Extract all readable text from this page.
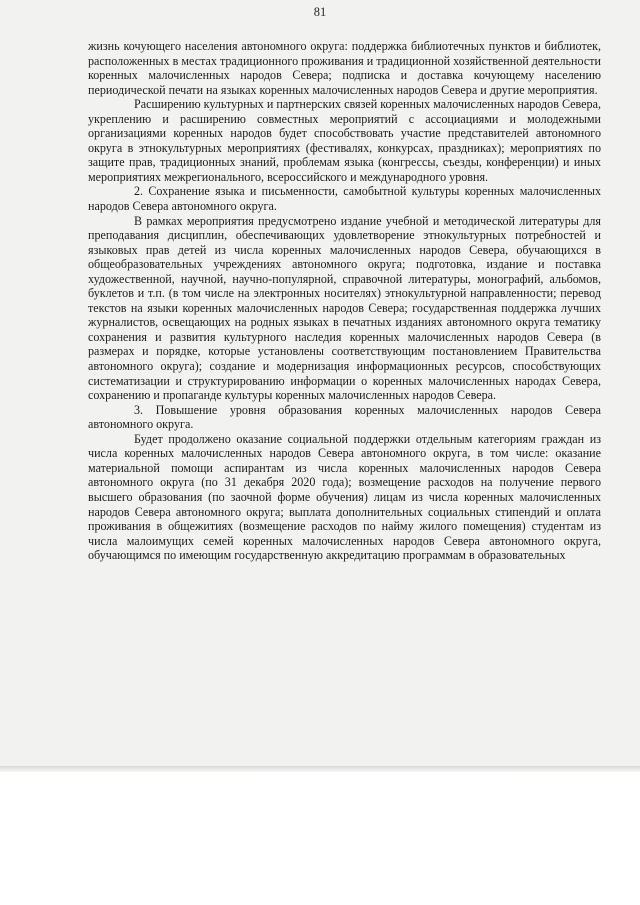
81

жизнь кочующего населения автономного округа: поддержка библиотечных пунктов и библиотек, расположенных в местах традиционного проживания и традиционной хозяйственной деятельности коренных малочисленных народов Севера; подписка и доставка кочующему населению периодической печати на языках коренных малочисленных народов Севера и другие мероприятия.

Расширению культурных и партнерских связей коренных малочисленных народов Севера, укреплению и расширению совместных мероприятий с ассоциациями и молодежными организациями коренных народов будет способствовать участие представителей автономного округа в этнокультурных мероприятиях (фестивалях, конкурсах, праздниках); мероприятиях по защите прав, традиционных знаний, проблемам языка (конгрессы, съезды, конференции) и иных мероприятиях межрегионального, всероссийского и международного уровня.

2. Сохранение языка и письменности, самобытной культуры коренных малочисленных народов Севера автономного округа.

В рамках мероприятия предусмотрено издание учебной и методической литературы для преподавания дисциплин, обеспечивающих удовлетворение этнокультурных потребностей и языковых прав детей из числа коренных малочисленных народов Севера, обучающихся в общеобразовательных учреждениях автономного округа; подготовка, издание и поставка художественной, научной, научно-популярной, справочной литературы, монографий, альбомов, буклетов и т.п. (в том числе на электронных носителях) этнокультурной направленности; перевод текстов на языки коренных малочисленных народов Севера; государственная поддержка лучших журналистов, освещающих на родных языках в печатных изданиях автономного округа тематику сохранения и развития культурного наследия коренных малочисленных народов Севера (в размерах и порядке, которые установлены соответствующим постановлением Правительства автономного округа); создание и модернизация информационных ресурсов, способствующих систематизации и структурированию информации о коренных малочисленных народах Севера, сохранению и пропаганде культуры коренных малочисленных народов Севера.

3. Повышение уровня образования коренных малочисленных народов Севера автономного округа.

Будет продолжено оказание социальной поддержки отдельным категориям граждан из числа коренных малочисленных народов Севера автономного округа, в том числе: оказание материальной помощи аспирантам из числа коренных малочисленных народов Севера автономного округа (по 31 декабря 2020 года); возмещение расходов на получение первого высшего образования (по заочной форме обучения) лицам из числа коренных малочисленных народов Севера автономного округа; выплата дополнительных социальных стипендий и оплата проживания в общежитиях (возмещение расходов по найму жилого помещения) студентам из числа малоимущих семей коренных малочисленных народов Севера автономного округа, обучающимся по имеющим государственную аккредитацию программам в образовательных
